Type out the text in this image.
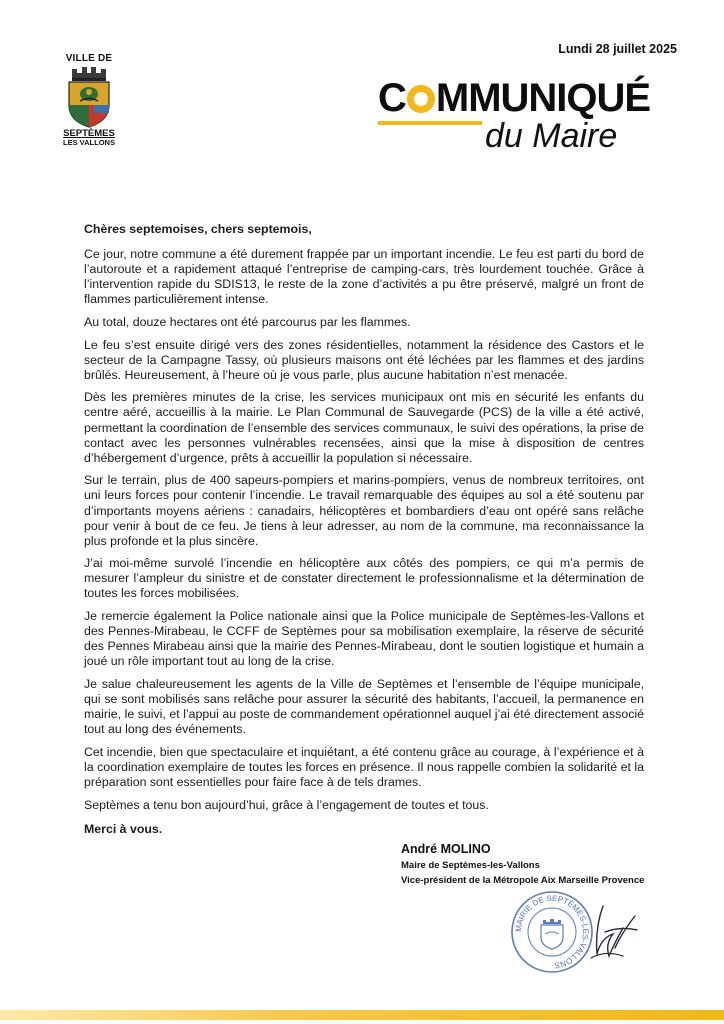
Lundi 28 juillet 2025
VILLE DE
SEPTÈMES
LES VALLONS
C MMUNIQUÉ
du Maire

Chères septemoises, chers septemois,

Ce jour, notre commune a été durement frappée par un important incendie. Le feu est parti du bord de l’autoroute et a rapidement attaqué l’entreprise de camping-cars, très lourdement touchée. Grâce à l’intervention rapide du SDIS13, le reste de la zone d’activités a pu être préservé, malgré un front de flammes particulièrement intense.

Au total, douze hectares ont été parcourus par les flammes.

Le feu s’est ensuite dirigé vers des zones résidentielles, notamment la résidence des Castors et le secteur de la Campagne Tassy, où plusieurs maisons ont été léchées par les flammes et des jardins brûlés. Heureusement, à l’heure où je vous parle, plus aucune habitation n’est menacée.

Dès les premières minutes de la crise, les services municipaux ont mis en sécurité les enfants du centre aéré, accueillis à la mairie. Le Plan Communal de Sauvegarde (PCS) de la ville a été activé, permettant la coordination de l’ensemble des services communaux, le suivi des opérations, la prise de contact avec les personnes vulnérables recensées, ainsi que la mise à disposition de centres d’hébergement d’urgence, prêts à accueillir la population si nécessaire.

Sur le terrain, plus de 400 sapeurs-pompiers et marins-pompiers, venus de nombreux territoires, ont uni leurs forces pour contenir l’incendie. Le travail remarquable des équipes au sol a été soutenu par d’importants moyens aériens : canadairs, hélicoptères et bombardiers d’eau ont opéré sans relâche pour venir à bout de ce feu. Je tiens à leur adresser, au nom de la commune, ma reconnaissance la plus profonde et la plus sincère.

J’ai moi-même survolé l’incendie en hélicoptère aux côtés des pompiers, ce qui m’a permis de mesurer l’ampleur du sinistre et de constater directement le professionnalisme et la détermination de toutes les forces mobilisées.

Je remercie également la Police nationale ainsi que la Police municipale de Septèmes-les-Vallons et des Pennes-Mirabeau, le CCFF de Septèmes pour sa mobilisation exemplaire, la réserve de sécurité des Pennes Mirabeau ainsi que la mairie des Pennes-Mirabeau, dont le soutien logistique et humain a joué un rôle important tout au long de la crise.

Je salue chaleureusement les agents de la Ville de Septèmes et l’ensemble de l’équipe municipale, qui se sont mobilisés sans relâche pour assurer la sécurité des habitants, l’accueil, la permanence en mairie, le suivi, et l’appui au poste de commandement opérationnel auquel j’ai été directement associé tout au long des événements.

Cet incendie, bien que spectaculaire et inquiétant, a été contenu grâce au courage, à l’expérience et à la coordination exemplaire de toutes les forces en présence. Il nous rappelle combien la solidarité et la préparation sont essentielles pour faire face à de tels drames.

Septèmes a tenu bon aujourd’hui, grâce à l’engagement de toutes et tous.

Merci à vous.

André MOLINO
Maire de Septèmes-les-Vallons
Vice-président de la Métropole Aix Marseille Provence
MAIRIE DE SEPTÈMES-LES-VALLONS
